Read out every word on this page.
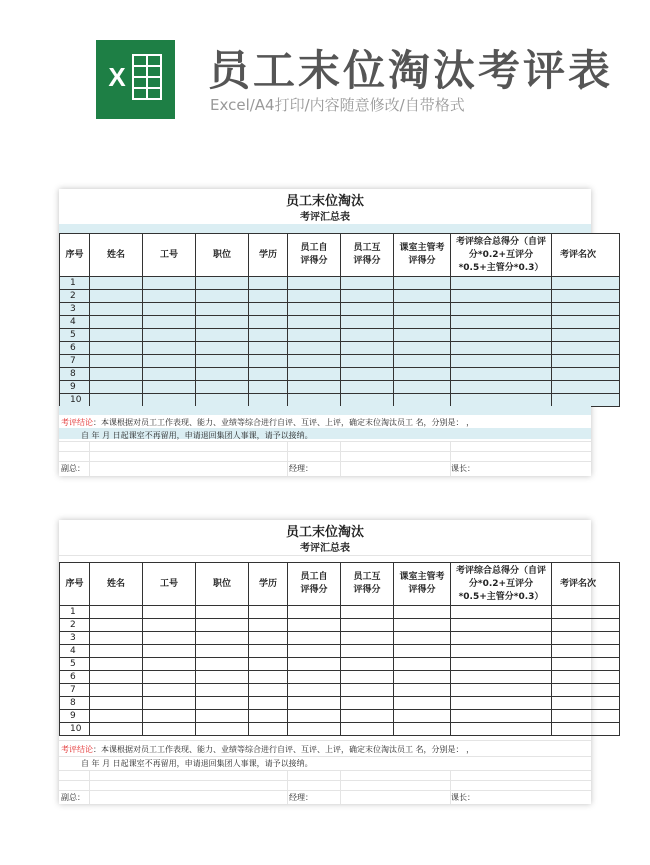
X 员工末位淘汰考评表
Excel/A4打印/内容随意修改/自带格式
员工末位淘汰
考评汇总表
序号	姓名	工号	职位	学历	员工自评得分	员工互评得分	课室主管考评得分	考评综合总得分（自评分*0.2+互评分*0.5+主管分*0.3）	考评名次
1									
2									
3									
4									
5									
6									
7									
8									
9									
10									
考评结论：本课根据对员工工作表现、能力、业绩等综合进行自评、互评、上评，确定末位淘汰员工 名，分别是： ，
自 年 月 日起课室不再留用，申请退回集团人事课，请予以接纳。
副总：	经理：	课长：
员工末位淘汰
考评汇总表
序号	姓名	工号	职位	学历	员工自评得分	员工互评得分	课室主管考评得分	考评综合总得分（自评分*0.2+互评分*0.5+主管分*0.3）	考评名次
1									
2									
3									
4									
5									
6									
7									
8									
9									
10									
考评结论：本课根据对员工工作表现、能力、业绩等综合进行自评、互评、上评，确定末位淘汰员工 名，分别是： ，
自 年 月 日起课室不再留用，申请退回集团人事课，请予以接纳。
副总：	经理：	课长：
